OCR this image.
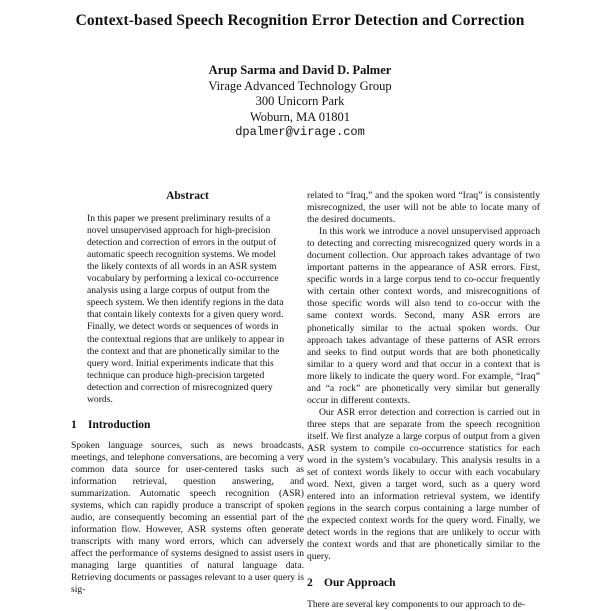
Context-based Speech Recognition Error Detection and Correction
Arup Sarma and David D. Palmer
Virage Advanced Technology Group
300 Unicorn Park
Woburn, MA 01801
dpalmer@virage.com
Abstract

In this paper we present preliminary results of a novel unsupervised approach for high-precision detection and correction of errors in the output of automatic speech recognition systems. We model the likely contexts of all words in an ASR system vocabulary by performing a lexical co-occurrence analysis using a large corpus of output from the speech system. We then identify regions in the data that contain likely contexts for a given query word. Finally, we detect words or sequences of words in the contextual regions that are unlikely to appear in the context and that are phonetically similar to the query word. Initial experiments indicate that this technique can produce high-precision targeted detection and correction of misrecognized query words.

1 Introduction

Spoken language sources, such as news broadcasts, meetings, and telephone conversations, are becoming a very common data source for user-centered tasks such as information retrieval, question answering, and summarization. Automatic speech recognition (ASR) systems, which can rapidly produce a transcript of spoken audio, are consequently becoming an essential part of the information flow. However, ASR systems often generate transcripts with many word errors, which can adversely affect the performance of systems designed to assist users in managing large quantities of natural language data. Retrieving documents or passages relevant to a user query is sig-

related to “Iraq,” and the spoken word “Iraq” is consistently misrecognized, the user will not be able to locate many of the desired documents.

In this work we introduce a novel unsupervised approach to detecting and correcting misrecognized query words in a document collection. Our approach takes advantage of two important patterns in the appearance of ASR errors. First, specific words in a large corpus tend to co-occur frequently with certain other context words, and misrecognitions of those specific words will also tend to co-occur with the same context words. Second, many ASR errors are phonetically similar to the actual spoken words. Our approach takes advantage of these patterns of ASR errors and seeks to find output words that are both phonetically similar to a query word and that occur in a context that is more likely to indicate the query word. For example, “Iraq” and “a rock” are phonetically very similar but generally occur in different contexts.

Our ASR error detection and correction is carried out in three steps that are separate from the speech recognition itself. We first analyze a large corpus of output from a given ASR system to compile co-occurrence statistics for each word in the system’s vocabulary. This analysis results in a set of context words likely to occur with each vocabulary word. Next, given a target word, such as a query word entered into an information retrieval system, we identify regions in the search corpus containing a large number of the expected context words for the query word. Finally, we detect words in the regions that are unlikely to occur with the context words and that are phonetically similar to the query.

2 Our Approach

There are several key components to our approach to de-
